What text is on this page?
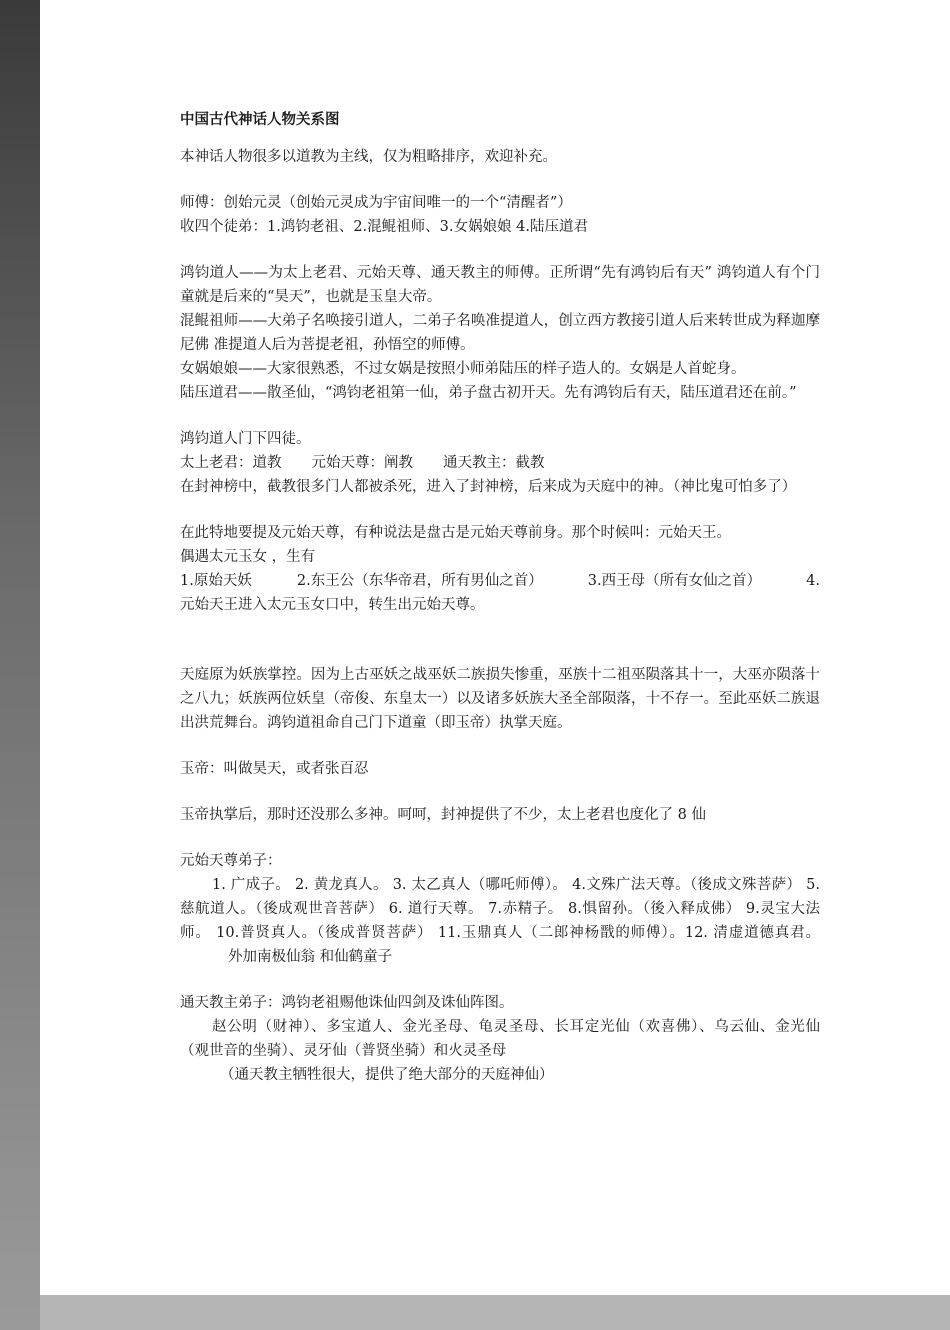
中国古代神话人物关系图
本神话人物很多以道教为主线，仅为粗略排序，欢迎补充。
师傅：创始元灵（创始元灵成为宇宙间唯一的一个“清醒者”）
收四个徒弟：1.鸿钧老祖、2.混鲲祖师、3.女娲娘娘 4.陆压道君
鸿钧道人——为太上老君、元始天尊、通天教主的师傅。正所谓“先有鸿钧后有天” 鸿钧道人有个门童就是后来的“昊天”，也就是玉皇大帝。
混鲲祖师——大弟子名唤接引道人，二弟子名唤准提道人，创立西方教接引道人后来转世成为释迦摩尼佛 准提道人后为菩提老祖，孙悟空的师傅。
女娲娘娘——大家很熟悉，不过女娲是按照小师弟陆压的样子造人的。女娲是人首蛇身。
陆压道君——散圣仙，“鸿钧老祖第一仙，弟子盘古初开天。先有鸿钧后有天，陆压道君还在前。”
鸿钧道人门下四徒。
太上老君：道教 元始天尊：阐教 通天教主：截教
在封神榜中，截教很多门人都被杀死，进入了封神榜，后来成为天庭中的神。（神比鬼可怕多了）
在此特地要提及元始天尊，有种说法是盘古是元始天尊前身。那个时候叫：元始天王。
偶遇太元玉女 ，生有
1.原始天妖	2.东王公（东华帝君，所有男仙之首）	3.西王母（所有女仙之首）	4.
元始天王进入太元玉女口中，转生出元始天尊。
天庭原为妖族掌控。因为上古巫妖之战巫妖二族损失惨重，巫族十二祖巫陨落其十一，大巫亦陨落十之八九；妖族两位妖皇（帝俊、东皇太一）以及诸多妖族大圣全部陨落，十不存一。至此巫妖二族退出洪荒舞台。鸿钧道祖命自己门下道童（即玉帝）执掌天庭。
玉帝：叫做昊天，或者张百忍
玉帝执掌后，那时还没那么多神。呵呵，封神提供了不少，太上老君也度化了 8 仙
元始天尊弟子：
1. 广成子。 2. 黄龙真人。 3. 太乙真人（哪吒师傅）。 4.文殊广法天尊。（後成文殊菩萨） 5. 慈航道人。（後成观世音菩萨） 6. 道行天尊。 7.赤精子。 8.惧留孙。（後入释成佛） 9.灵宝大法师。 10.普贤真人。（後成普贤菩萨） 11.玉鼎真人（二郎神杨戬的师傅）。12. 清虚道德真君。外加南极仙翁 和仙鹤童子
通天教主弟子：鸿钧老祖赐他诛仙四剑及诛仙阵图。
赵公明（财神）、多宝道人、金光圣母、龟灵圣母、长耳定光仙（欢喜佛）、乌云仙、金光仙（观世音的坐骑）、灵牙仙（普贤坐骑）和火灵圣母
（通天教主牺牲很大，提供了绝大部分的天庭神仙）
